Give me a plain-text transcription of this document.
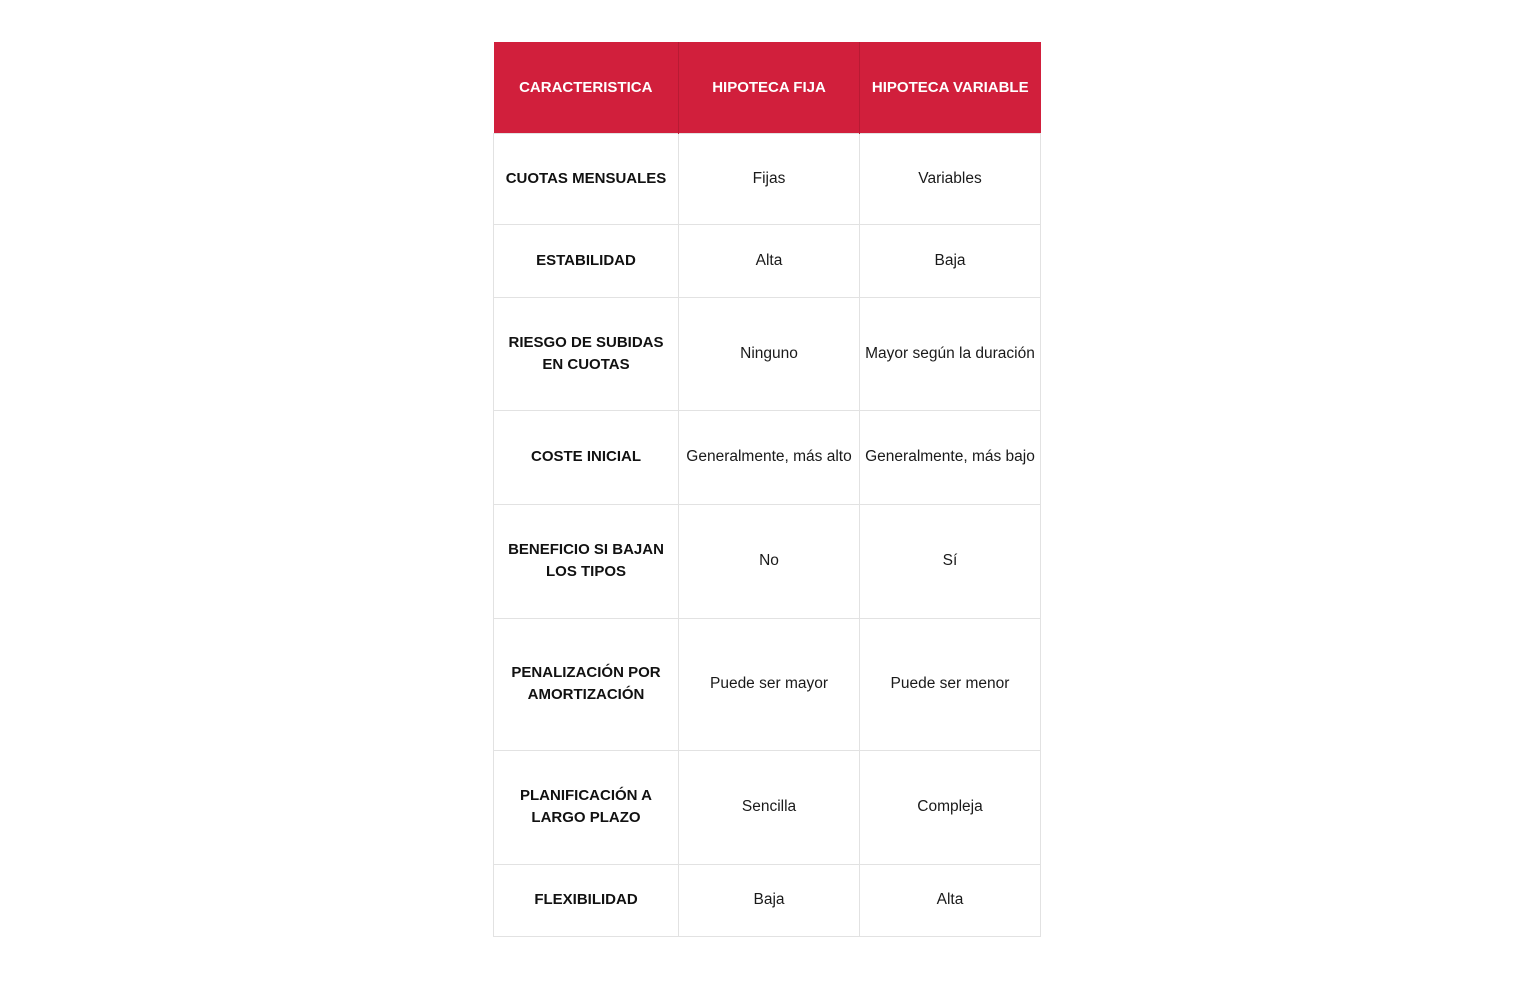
CARACTERISTICA	HIPOTECA FIJA	HIPOTECA VARIABLE
CUOTAS MENSUALES	Fijas	Variables
ESTABILIDAD	Alta	Baja
RIESGO DE SUBIDAS EN CUOTAS	Ninguno	Mayor según la duración
COSTE INICIAL	Generalmente, más alto	Generalmente, más bajo
BENEFICIO SI BAJAN LOS TIPOS	No	Sí
PENALIZACIÓN POR AMORTIZACIÓN	Puede ser mayor	Puede ser menor
PLANIFICACIÓN A LARGO PLAZO	Sencilla	Compleja
FLEXIBILIDAD	Baja	Alta
